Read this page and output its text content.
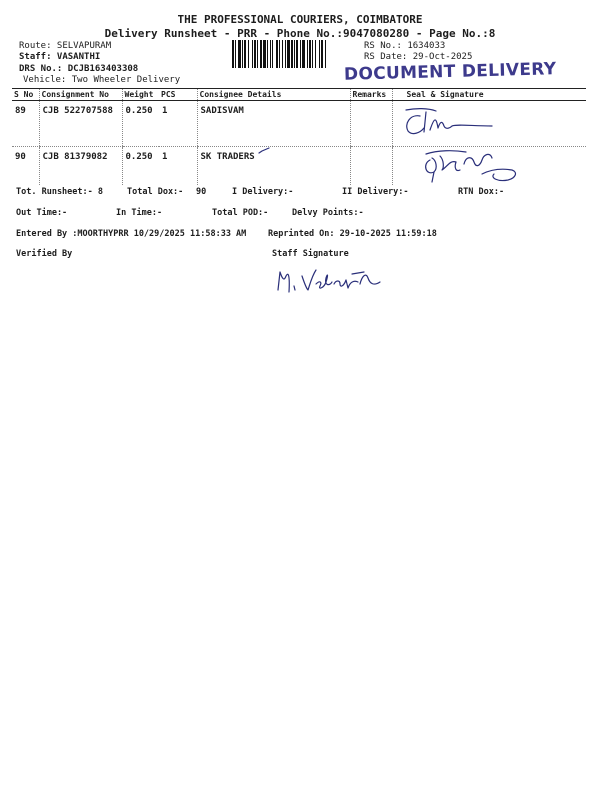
THE PROFESSIONAL COURIERS, COIMBATORE
Delivery Runsheet - PRR - Phone No.:9047080280 - Page No.:8
Route: SELVAPURAM
Staff: VASANTHI
DRS No.: DCJB163403308
Vehicle: Two Wheeler Delivery
RS No.: 1634033
RS Date: 29-Oct-2025
DOCUMENT DELIVERY
S No	Consignment No	Weight	PCS	Consignee Details	Remarks	Seal & Signature
89	CJB 522707588	0.250	1	SADISVAM		
90	CJB 81379082	0.250	1	SK TRADERS		
Tot. Runsheet:- 8	Total Dox:- 90	I Delivery:-	II Delivery:-	RTN Dox:-
Out Time:-	In Time:-	Total POD:-	Delvy Points:-
Entered By :MOORTHYPRR 10/29/2025 11:58:33 AM	Reprinted On: 29-10-2025 11:59:18
Verified By	Staff Signature
